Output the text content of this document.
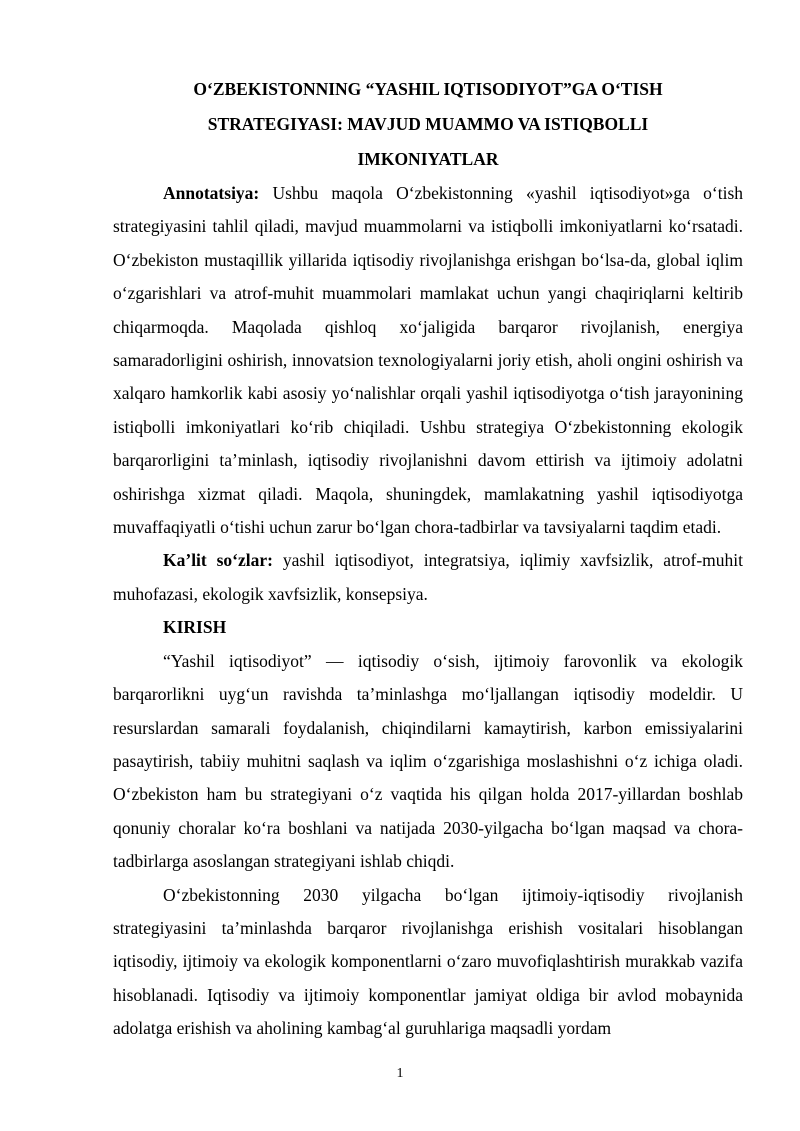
O‘ZBEKISTONNING “YASHIL IQTISODIYOT”GA O‘TISH
STRATEGIYASI: MAVJUD MUAMMO VA ISTIQBOLLI
IMKONIYATLAR

Annotatsiya: Ushbu maqola O‘zbekistonning «yashil iqtisodiyot»ga o‘tish strategiyasini tahlil qiladi, mavjud muammolarni va istiqbolli imkoniyatlarni ko‘rsatadi. O‘zbekiston mustaqillik yillarida iqtisodiy rivojlanishga erishgan bo‘lsa-da, global iqlim o‘zgarishlari va atrof-muhit muammolari mamlakat uchun yangi chaqiriqlarni keltirib chiqarmoqda. Maqolada qishloq xo‘jaligida barqaror rivojlanish, energiya samaradorligini oshirish, innovatsion texnologiyalarni joriy etish, aholi ongini oshirish va xalqaro hamkorlik kabi asosiy yo‘nalishlar orqali yashil iqtisodiyotga o‘tish jarayonining istiqbolli imkoniyatlari ko‘rib chiqiladi. Ushbu strategiya O‘zbekistonning ekologik barqarorligini ta’minlash, iqtisodiy rivojlanishni davom ettirish va ijtimoiy adolatni oshirishga xizmat qiladi. Maqola, shuningdek, mamlakatning yashil iqtisodiyotga muvaffaqiyatli o‘tishi uchun zarur bo‘lgan chora-tadbirlar va tavsiyalarni taqdim etadi.

Ka’lit so‘zlar: yashil iqtisodiyot, integratsiya, iqlimiy xavfsizlik, atrof-muhit muhofazasi, ekologik xavfsizlik, konsepsiya.

KIRISH

“Yashil iqtisodiyot” — iqtisodiy o‘sish, ijtimoiy farovonlik va ekologik barqarorlikni uyg‘un ravishda ta’minlashga mo‘ljallangan iqtisodiy modeldir. U resurslardan samarali foydalanish, chiqindilarni kamaytirish, karbon emissiyalarini pasaytirish, tabiiy muhitni saqlash va iqlim o‘zgarishiga moslashishni o‘z ichiga oladi. O‘zbekiston ham bu strategiyani o‘z vaqtida his qilgan holda 2017-yillardan boshlab qonuniy choralar ko‘ra boshlani va natijada 2030-yilgacha bo‘lgan maqsad va chora-tadbirlarga asoslangan strategiyani ishlab chiqdi.

O‘zbekistonning 2030 yilgacha bo‘lgan ijtimoiy-iqtisodiy rivojlanish strategiyasini ta’minlashda barqaror rivojlanishga erishish vositalari hisoblangan iqtisodiy, ijtimoiy va ekologik komponentlarni o‘zaro muvofiqlashtirish murakkab vazifa hisoblanadi. Iqtisodiy va ijtimoiy komponentlar jamiyat oldiga bir avlod mobaynida adolatga erishish va aholining kambag‘al guruhlariga maqsadli yordam

1
